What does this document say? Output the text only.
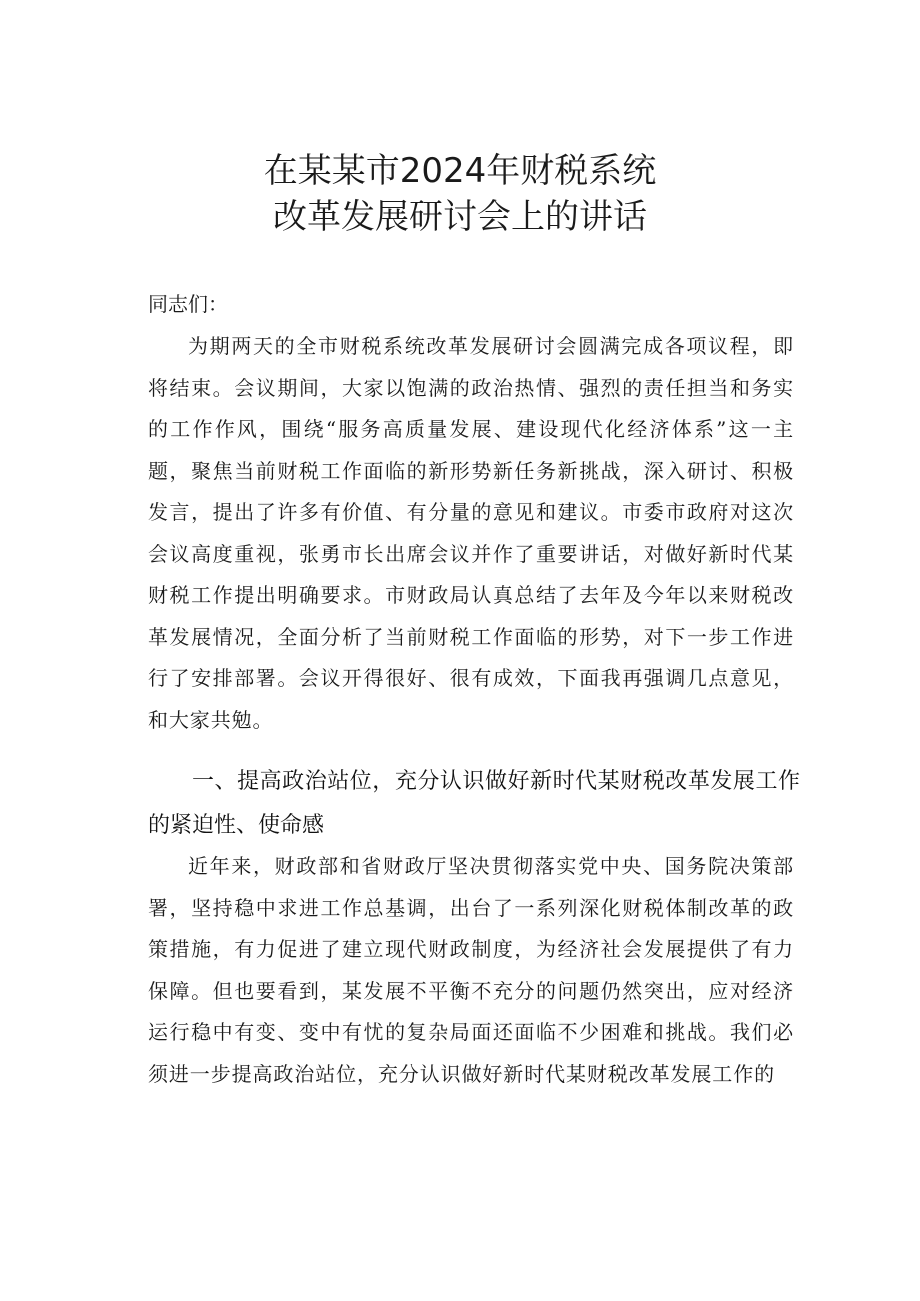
在某某市2024年财税系统
改革发展研讨会上的讲话
同志们：
为期两天的全市财税系统改革发展研讨会圆满完成各项议程，即将结束。会议期间，大家以饱满的政治热情、强烈的责任担当和务实的工作作风，围绕“服务高质量发展、建设现代化经济体系”这一主题，聚焦当前财税工作面临的新形势新任务新挑战，深入研讨、积极发言，提出了许多有价值、有分量的意见和建议。市委市政府对这次会议高度重视，张勇市长出席会议并作了重要讲话，对做好新时代某财税工作提出明确要求。市财政局认真总结了去年及今年以来财税改革发展情况，全面分析了当前财税工作面临的形势，对下一步工作进行了安排部署。会议开得很好、很有成效，下面我再强调几点意见，和大家共勉。
一、提高政治站位，充分认识做好新时代某财税改革发展工作的紧迫性、使命感
近年来，财政部和省财政厅坚决贯彻落实党中央、国务院决策部署，坚持稳中求进工作总基调，出台了一系列深化财税体制改革的政策措施，有力促进了建立现代财政制度，为经济社会发展提供了有力保障。但也要看到，某发展不平衡不充分的问题仍然突出，应对经济运行稳中有变、变中有忧的复杂局面还面临不少困难和挑战。我们必须进一步提高政治站位，充分认识做好新时代某财税改革发展工作的
